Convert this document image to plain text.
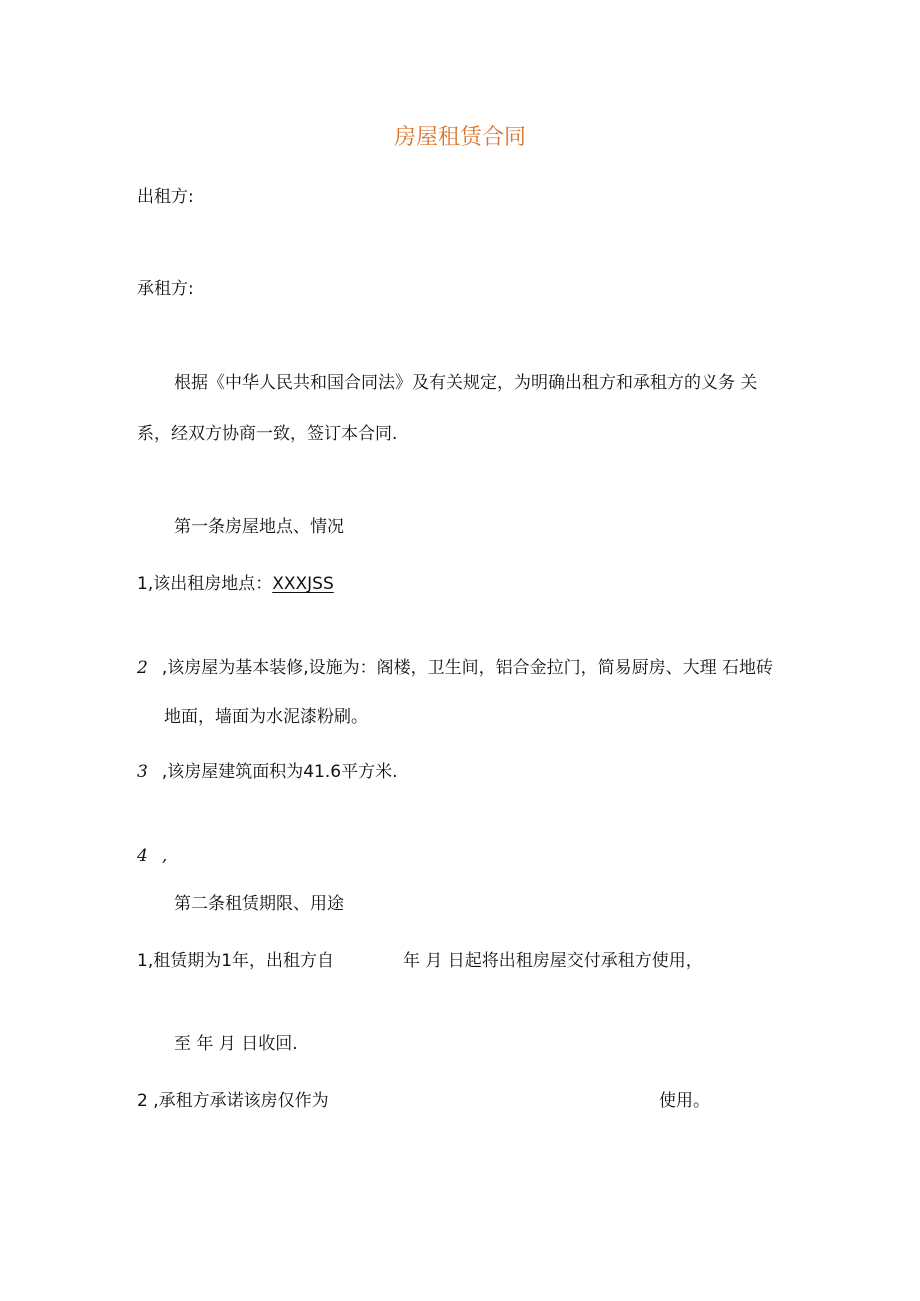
房屋租赁合同
出租方:
承租方:
根据《中华人民共和国合同法》及有关规定，为明确出租方和承租方的义务 关
系，经双方协商一致，签订本合同.
第一条房屋地点、情况
1,该出租房地点：XXXJSS
2 ,该房屋为基本装修,设施为：阁楼，卫生间，铝合金拉门，简易厨房、大理 石地砖
地面，墙面为水泥漆粉刷。
3 ,该房屋建筑面积为41.6平方米.
4 ,
第二条租赁期限、用途
1,租赁期为1年，出租方自	年 月 日起将出租房屋交付承租方使用，
至 年 月 日收回.
2 ,承租方承诺该房仅作为	使用。
